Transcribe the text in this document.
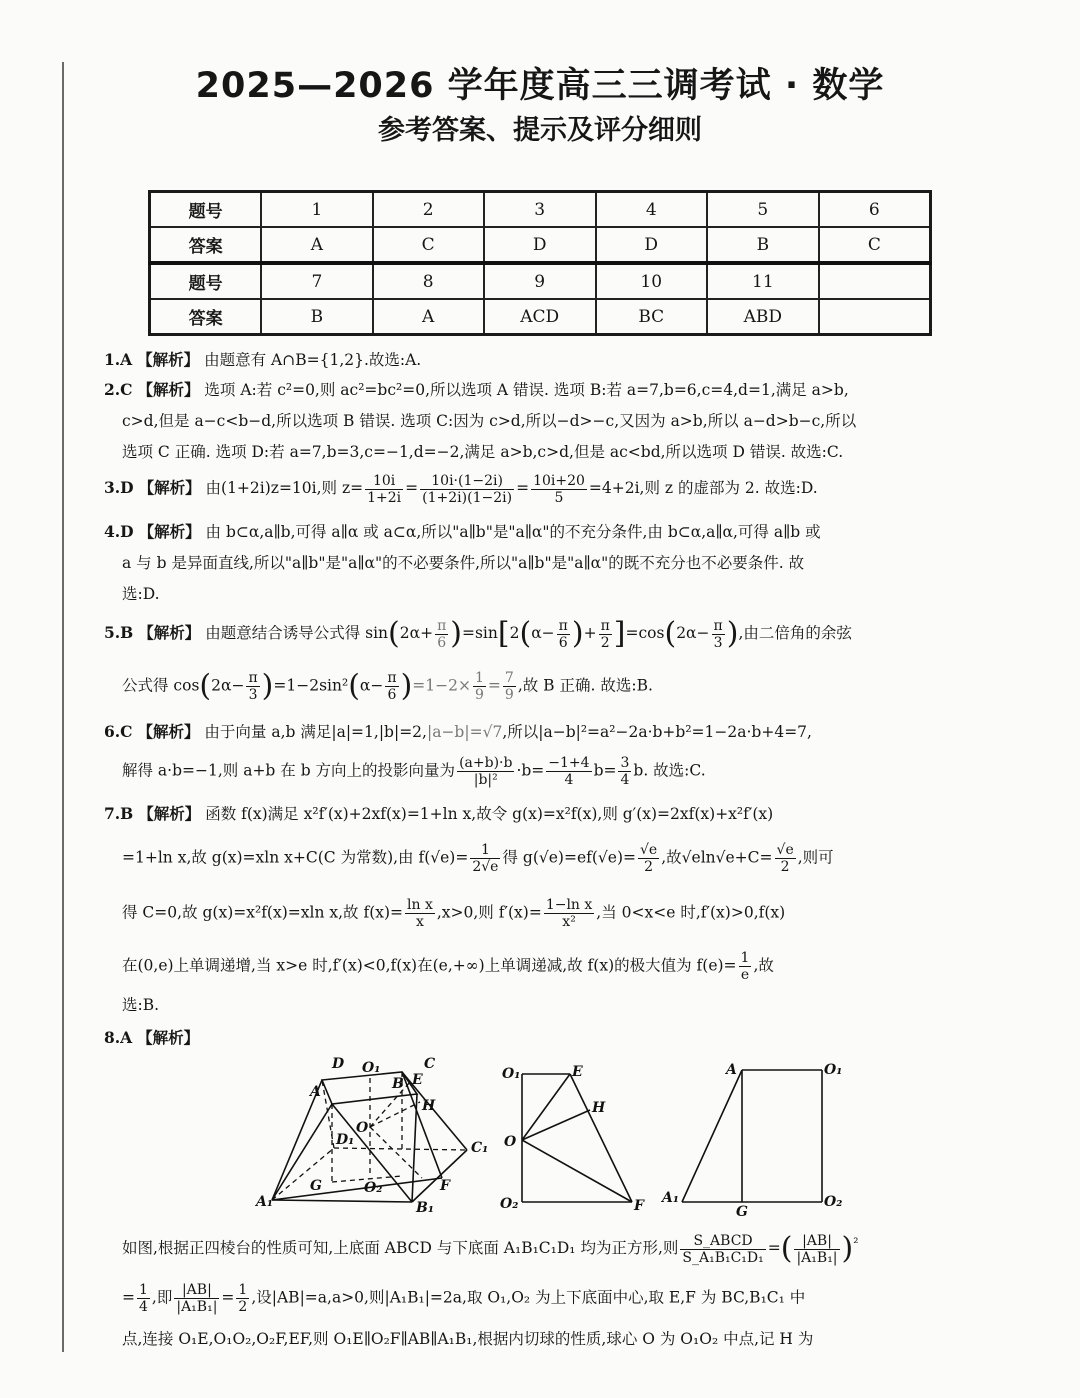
2025—2026 学年度高三三调考试 · 数学
参考答案、提示及评分细则
题号	1	2	3	4	5	6
答案	A	C	D	D	B	C
题号	7	8	9	10	11	
答案	B	A	ACD	BC	ABD	
1.A 【解析】 由题意有 A∩B={1,2}.故选:A.
2.C 【解析】 选项 A:若 c²=0,则 ac²=bc²=0,所以选项 A 错误. 选项 B:若 a=7,b=6,c=4,d=1,满足 a>b,
c>d,但是 a−c<b−d,所以选项 B 错误. 选项 C:因为 c>d,所以−d>−c,又因为 a>b,所以 a−d>b−c,所以
选项 C 正确. 选项 D:若 a=7,b=3,c=−1,d=−2,满足 a>b,c>d,但是 ac<bd,所以选项 D 错误. 故选:C.
3.D 【解析】 由(1+2i)z=10i,则 $z= \frac{10i}{1+2i} = \frac{10i\cdot(1-2i)}{(1+2i)(1-2i)} = \frac{10i+20}{5} =4+2i$,则 z 的虚部为 2. 故选:D.
4.D 【解析】 由 b⊂α,a∥b,可得 a∥α 或 a⊂α,所以"a∥b"是"a∥α"的不充分条件,由 b⊂α,a∥α,可得 a∥b 或
a 与 b 是异面直线,所以"a∥b"是"a∥α"的不必要条件,所以"a∥b"是"a∥α"的既不充分也不必要条件. 故
选:D.
5.B 【解析】 由题意结合诱导公式得 $\sin(2\alpha+ \frac{\pi}{6} )=\sin[2(\alpha- \frac{\pi}{6}$ )+ $\frac{\pi}{2} ]=\cos(2\alpha- \frac{\pi}{3}$ ),由二倍角的余弦
公式得 $\cos(2\alpha- \frac{\pi}{3} )=1-2\sin^2(\alpha- \frac{\pi}{6} )=1-2\times \frac{1}{9} = \frac{7}{9}$ ,故 B 正确. 故选:B.
6.C 【解析】 由于向量 a,b 满足|a|=1,|b|=2,|a−b|=√7,所以|a−b|²=a²−2a·b+b²=1−2a·b+4=7,
解得 a·b=−1,则 a+b 在 b 方向上的投影向量为 $\frac{(a+b)\cdot b}{\text{|b|²}} \cdot b= \frac{-1+4}{4} b= \frac{3}{4} b$. 故选:C.
7.B 【解析】 函数 f(x)满足 x²f′(x)+2xf(x)=1+ln x,故令 g(x)=x²f(x),则 g′(x)=2xf(x)+x²f′(x)
=1+ln x,故 g(x)=xln x+C(C 为常数),由 $f(√e)= \frac{1}{2√e}$ 得 $g(√e)=ef(√e)= \frac{√e}{2}$ ,故$√eln√e+C= \frac{√e}{2}$ ,则可
得 C=0,故 g(x)=x²f(x)=xln x,故 $f(x)= \frac{\text{ln x}}{x} ,x>0$,则 $f'(x)= \frac{\text{1−ln x}}{\text{x²}}$ ,当 0<x<e 时,f′(x)>0,f(x)
在(0,e)上单调递增,当 x>e 时,f′(x)<0,f(x)在(e,+∞)上单调递减,故 f(x)的极大值为 $f(e)= \frac{1}{e}$ ,故
选:B.
8.A 【解析】
D O₁	C
A	B E
H
O
D₁	C₁
G	O₂	F
A₁	B₁
O₁	E
H
O
O₂	F
A	O₁
A₁
G
O₂
如图,根据正四棱台的性质可知,上底面 ABCD 与下底面 A₁B₁C₁D₁ 均为正方形,则 $\frac{\text{S\_ABCD}}{\text{S\_A₁B₁C₁D₁}}$ =( $\frac{|AB|}{\text{|A₁B₁|}} )^{^2}$
= $\frac{1}{4}$ ,即 $\frac{|AB|}{\text{|A₁B₁|}} = \frac{1}{2}$ ,设|AB|=a,a>0,则|A₁B₁|=2a,取 O₁,O₂ 为上下底面中心,取 E,F 为 BC,B₁C₁ 中
点,连接 O₁E,O₁O₂,O₂F,EF,则 O₁E∥O₂F∥AB∥A₁B₁,根据内切球的性质,球心 O 为 O₁O₂ 中点,记 H 为
